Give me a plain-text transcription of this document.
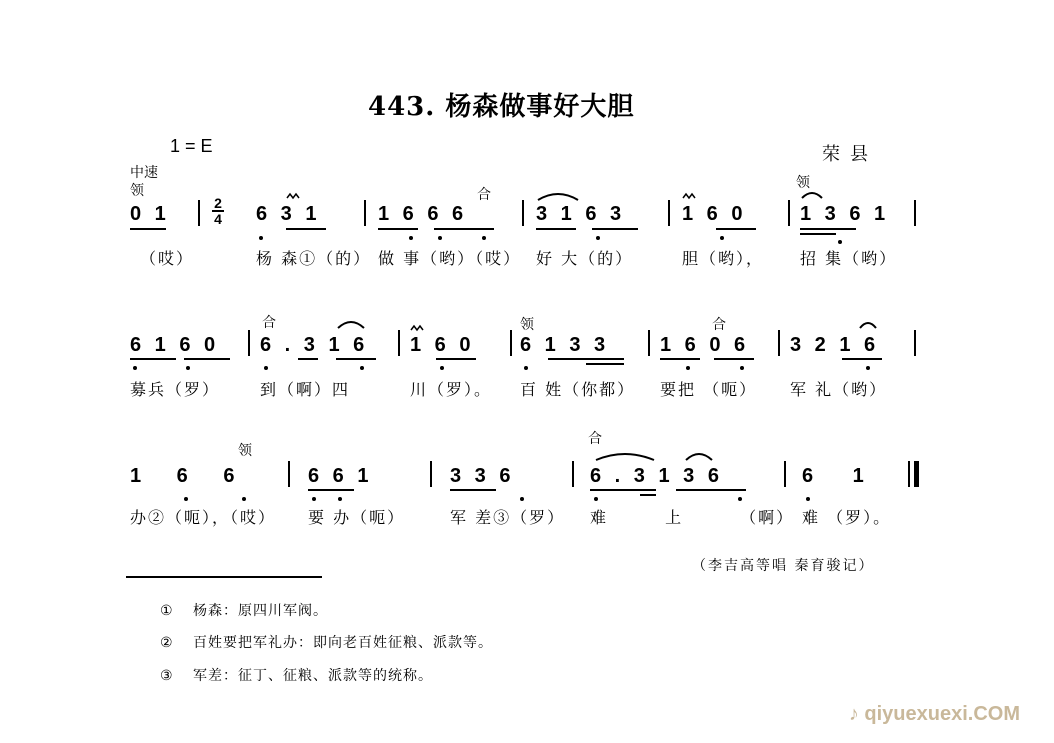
443. 杨森做事好大胆
1 = E	荣县
中速
领
0 1	2
4 6 3 1	1 6 6 6
合
3 1 6 3	1 6 0
领
1 3 6 1
（哎）	杨 森①（的） 做 事（哟）（哎） 好 大（的）	胆（哟）， 招 集（哟）
6 1 6 0
合
6 . 3 1 6 1 6 0
领
6 1 3 3
合
1 6 0 6 3 2 1 6
募兵（罗） 到（啊）四	川（罗）。 百 姓（你都） 要把 （呃） 军 礼（哟）
领
1 6 6	6 6 1	3 3 6
合
6 . 3 1 3 6	6 1
办②（呃），（哎） 要 办（呃）	军 差③（罗） 难 上 （啊） 难 （罗）。
（李吉高等唱 秦育骏记）
① 杨森：原四川军阀。
② 百姓要把军礼办：即向老百姓征粮、派款等。
③ 军差：征丁、征粮、派款等的统称。
♪ qiyuexuexi.COM
